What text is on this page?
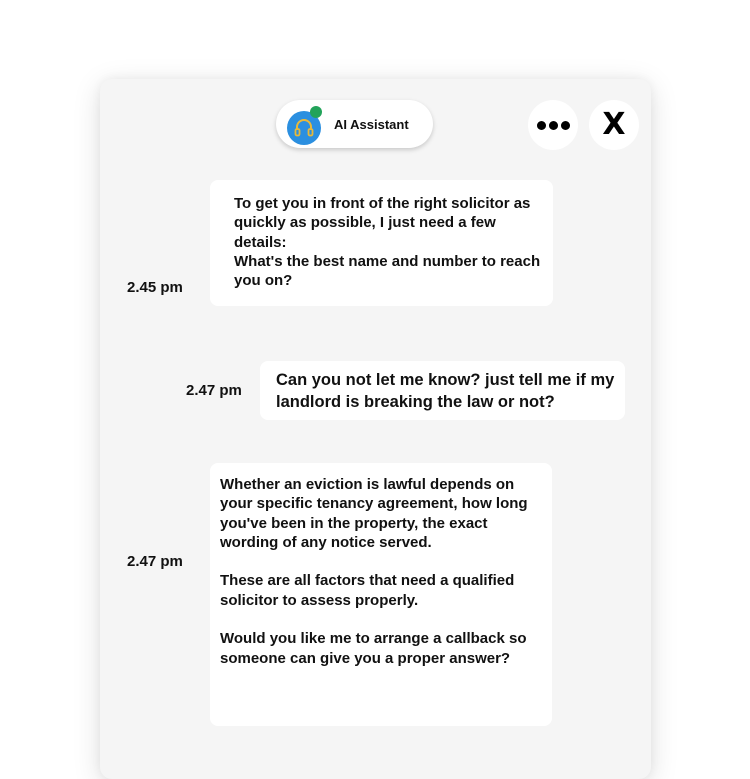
AI Assistant	X
To get you in front of the right solicitor as quickly as possible, I just need a few details:
What's the best name and number to reach you on?
2.45 pm
Can you not let me know? just tell me if my landlord is breaking the law or not?
2.47 pm
Whether an eviction is lawful depends on your specific tenancy agreement, how long you've been in the property, the exact wording of any notice served.

These are all factors that need a qualified solicitor to assess properly.

Would you like me to arrange a callback so someone can give you a proper answer?
2.47 pm
